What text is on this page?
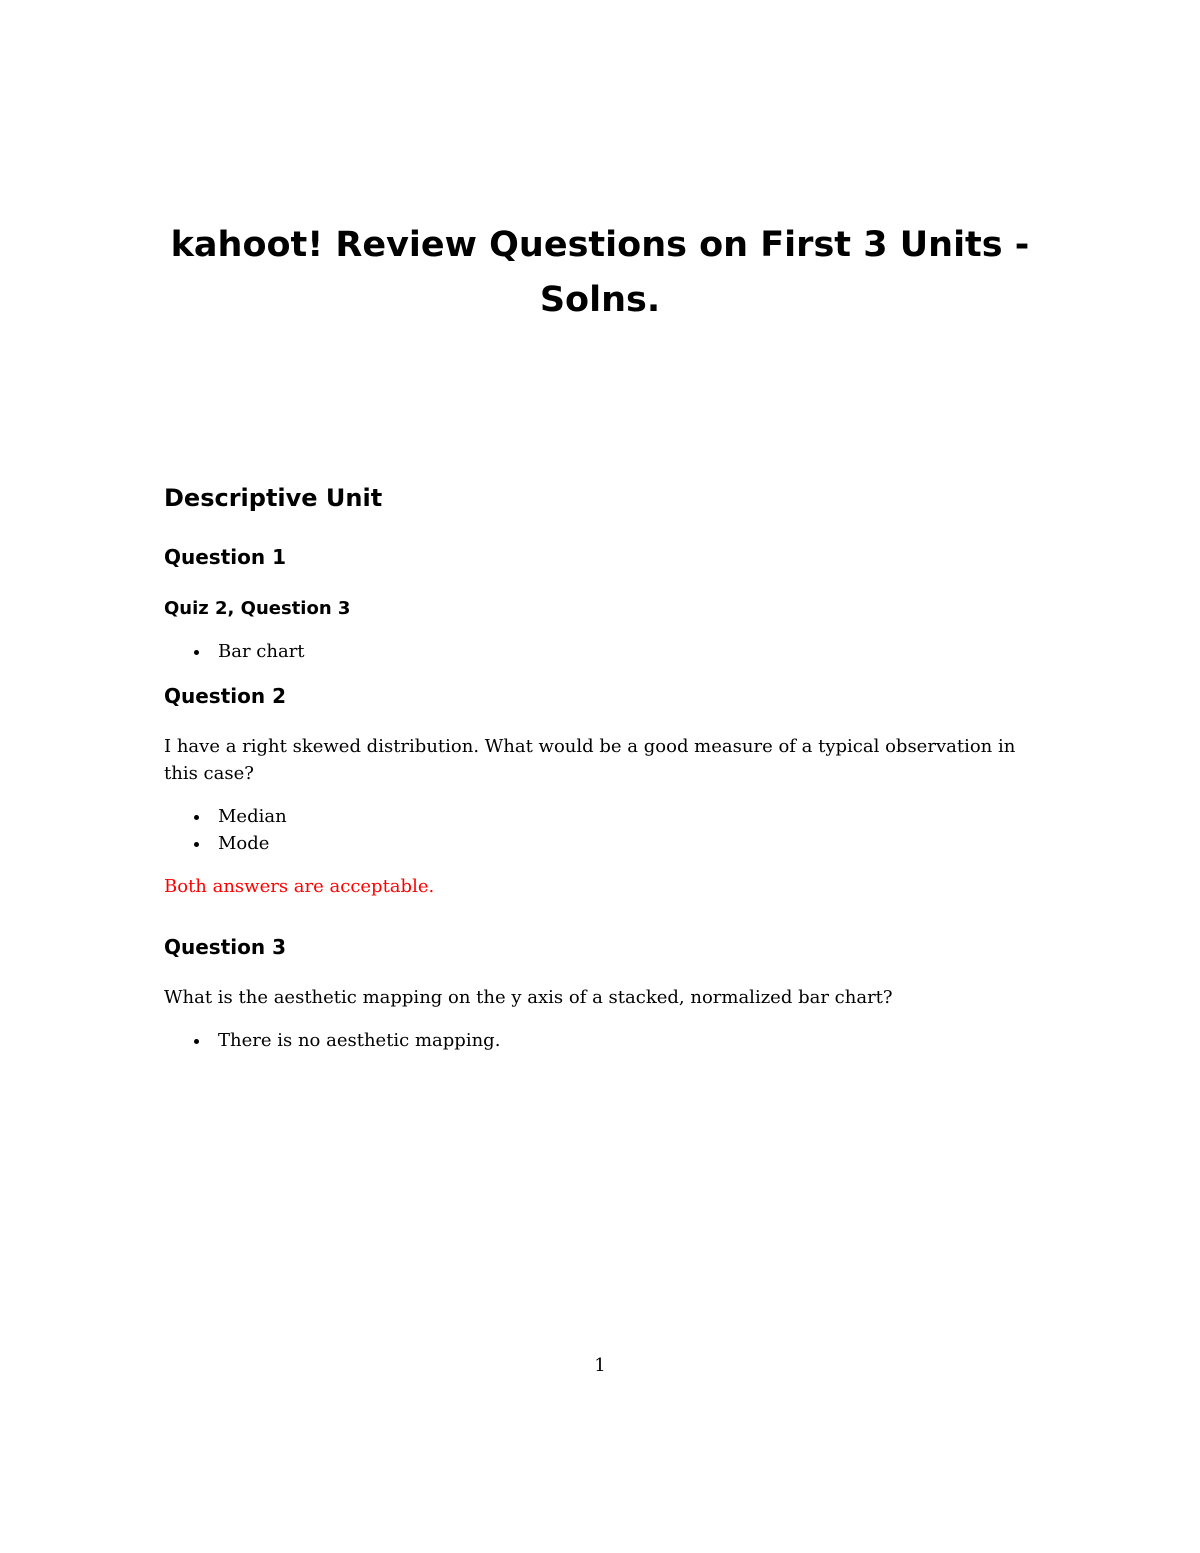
kahoot! Review Questions on First 3 Units -
Solns.
Descriptive Unit
Question 1
Quiz 2, Question 3
Bar chart
Question 2

I have a right skewed distribution. What would be a good measure of a typical observation in this case?

Median
Mode

Both answers are acceptable.

Question 3

What is the aesthetic mapping on the y axis of a stacked, normalized bar chart?

There is no aesthetic mapping.
1
